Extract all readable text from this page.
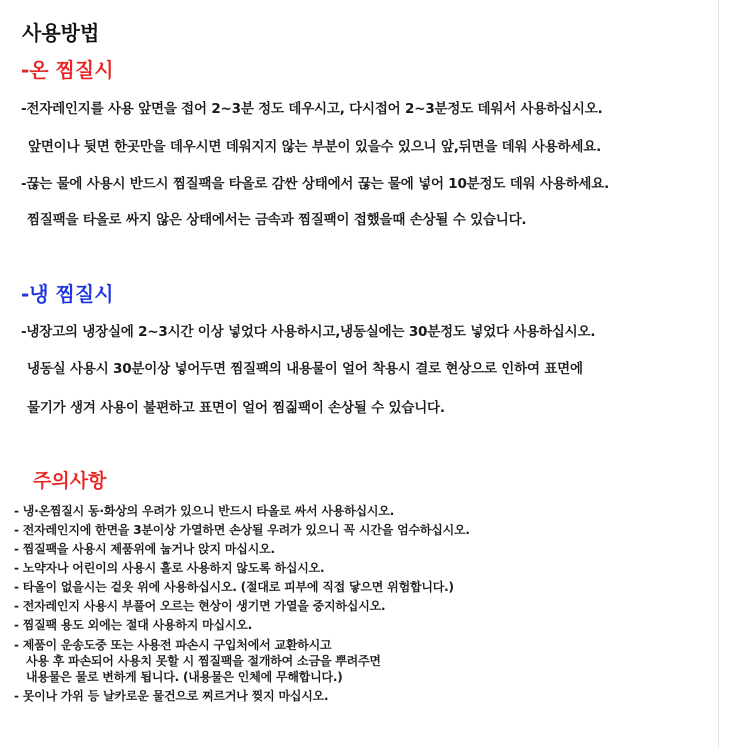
사용방법
-온 찜질시
-전자레인지를 사용 앞면을 접어 2~3분 정도 데우시고, 다시접어 2~3분정도 데워서 사용하십시오.
앞면이나 뒷면 한곳만을 데우시면 데워지지 않는 부분이 있을수 있으니 앞,뒤면을 데워 사용하세요.
-끊는 물에 사용시 반드시 찜질팩을 타올로 감싼 상태에서 끊는 물에 넣어 10분정도 데워 사용하세요.
찜질팩을 타올로 싸지 않은 상태에서는 금속과 찜질팩이 접했을때 손상될 수 있습니다.
-냉 찜질시
-냉장고의 냉장실에 2~3시간 이상 넣었다 사용하시고,냉동실에는 30분정도 넣었다 사용하십시오.
냉동실 사용시 30분이상 넣어두면 찜질팩의 내용물이 얼어 착용시 결로 현상으로 인하여 표면에
물기가 생겨 사용이 불편하고 표면이 얼어 찜짊팩이 손상될 수 있습니다.
주의사항
- 냉·온찜질시 동·화상의 우려가 있으니 반드시 타올로 싸서 사용하십시오.
- 전자레인지에 한면을 3분이상 가열하면 손상될 우려가 있으니 꼭 시간을 엄수하십시오.
- 찜질팩을 사용시 제품위에 눕거나 앉지 마십시오.
- 노약자나 어린이의 사용시 홀로 사용하지 않도록 하십시오.
- 타올이 없을시는 겉옷 위에 사용하십시오. (절대로 피부에 직접 닿으면 위험합니다.)
- 전자레인지 사용시 부풀어 오르는 현상이 생기면 가열을 중지하십시오.
- 찜질팩 용도 외에는 절대 사용하지 마십시오.
- 제품이 운송도중 또는 사용전 파손시 구입처에서 교환하시고
사용 후 파손되어 사용치 못할 시 찜질팩을 절개하여 소금을 뿌려주면
내용물은 물로 변하게 됩니다. (내용물은 인체에 무해합니다.)
- 못이나 가위 등 날카로운 물건으로 찌르거나 찢지 마십시오.
